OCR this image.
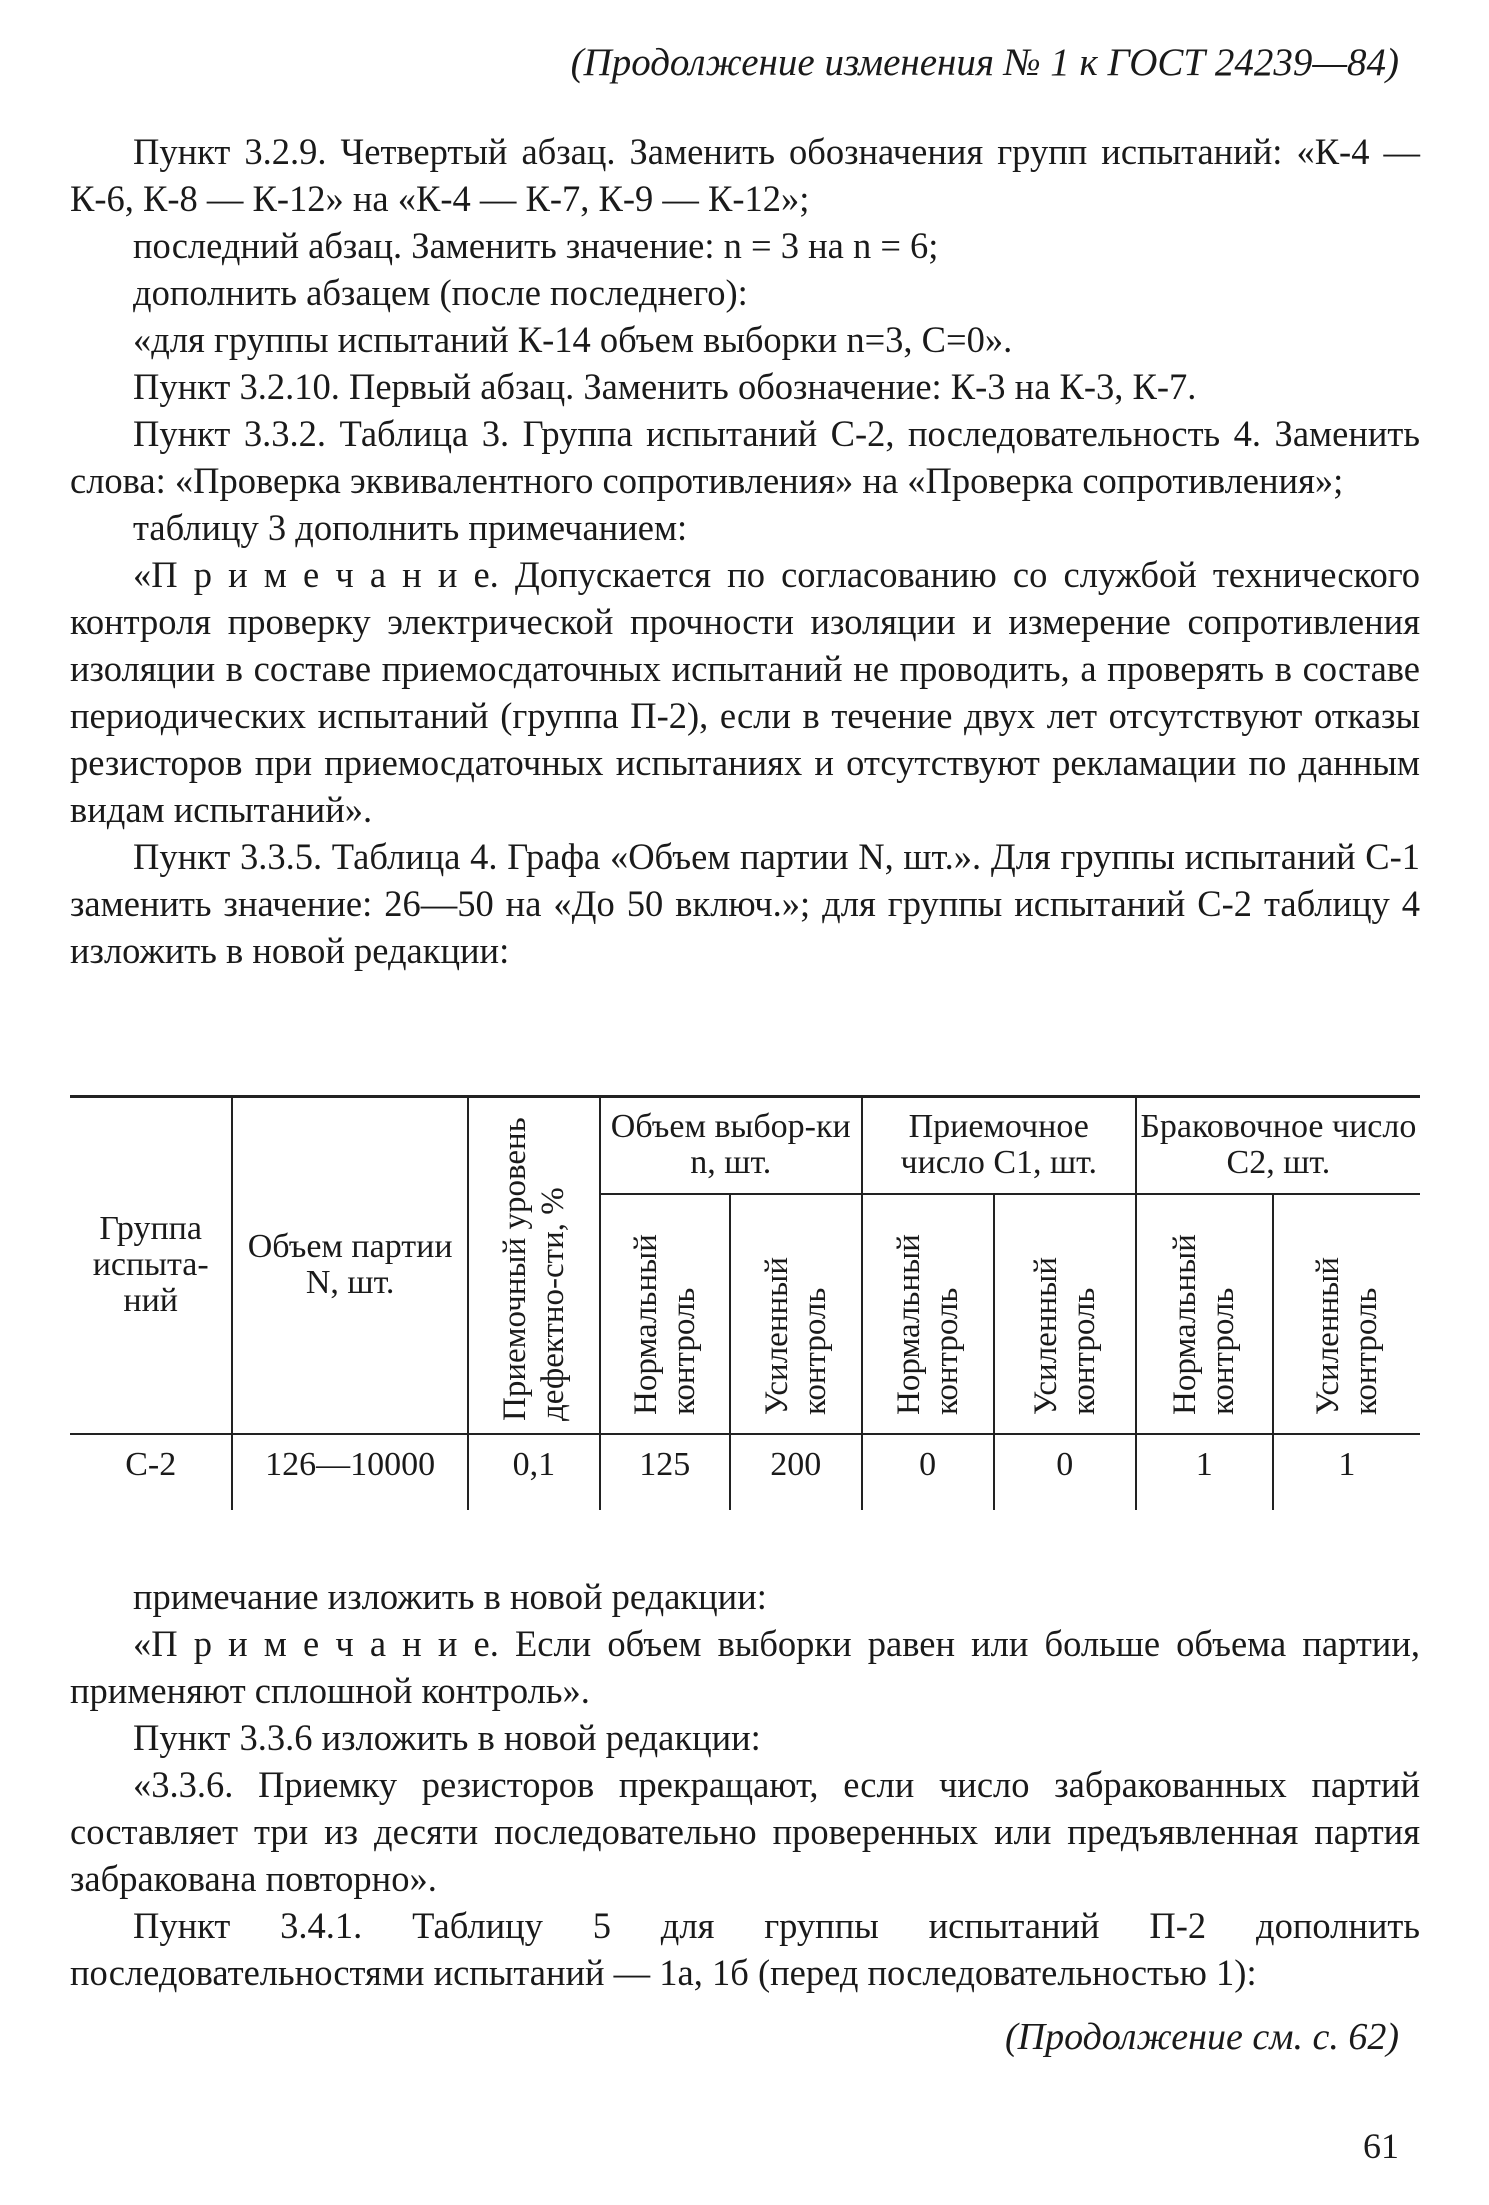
(Продолжение изменения № 1 к ГОСТ 24239—84)

Пункт 3.2.9. Четвертый абзац. Заменить обозначения групп испытаний: «К-4 — К-6, К-8 — К-12» на «К-4 — К-7, К-9 — К-12»;

последний абзац. Заменить значение: n = 3 на n = 6;

дополнить абзацем (после последнего):

«для группы испытаний К-14 объем выборки n=3, С=0».

Пункт 3.2.10. Первый абзац. Заменить обозначение: К-3 на К-3, К-7.

Пункт 3.3.2. Таблица 3. Группа испытаний С-2, последовательность 4. Заменить слова: «Проверка эквивалентного сопротивления» на «Проверка сопротивления»;

таблицу 3 дополнить примечанием:

«П р и м е ч а н и е. Допускается по согласованию со службой технического контроля проверку электрической прочности изоляции и измерение сопротивления изоляции в составе приемосдаточных испытаний не проводить, а проверять в составе периодических испытаний (группа П-2), если в течение двух лет отсутствуют отказы резисторов при приемосдаточных испытаниях и отсутствуют рекламации по данным видам испытаний».

Пункт 3.3.5. Таблица 4. Графа «Объем партии N, шт.». Для группы испытаний С-1 заменить значение: 26—50 на «До 50 включ.»; для группы испытаний С-2 таблицу 4 изложить в новой редакции:

Группа испыта-ний	Объем партии N, шт.	Приемочный уровень дефектно-сти, %	Объем выбор-ки n, шт.		Приемочное число C1, шт.		Браковочное число C2, шт.	
			Нормальный контроль	Усиленный контроль	Нормальный контроль	Усиленный контроль	Нормальный контроль	Усиленный контроль
С-2	126—10000	0,1	125	200	0	0	1	1

примечание изложить в новой редакции:

«П р и м е ч а н и е. Если объем выборки равен или больше объема партии, применяют сплошной контроль».

Пункт 3.3.6 изложить в новой редакции:

«3.3.6. Приемку резисторов прекращают, если число забракованных партий составляет три из десяти последовательно проверенных или предъявленная партия забракована повторно».

Пункт 3.4.1. Таблицу 5 для группы испытаний П-2 дополнить последовательностями испытаний — 1а, 1б (перед последовательностью 1):

(Продолжение см. с. 62)
61
